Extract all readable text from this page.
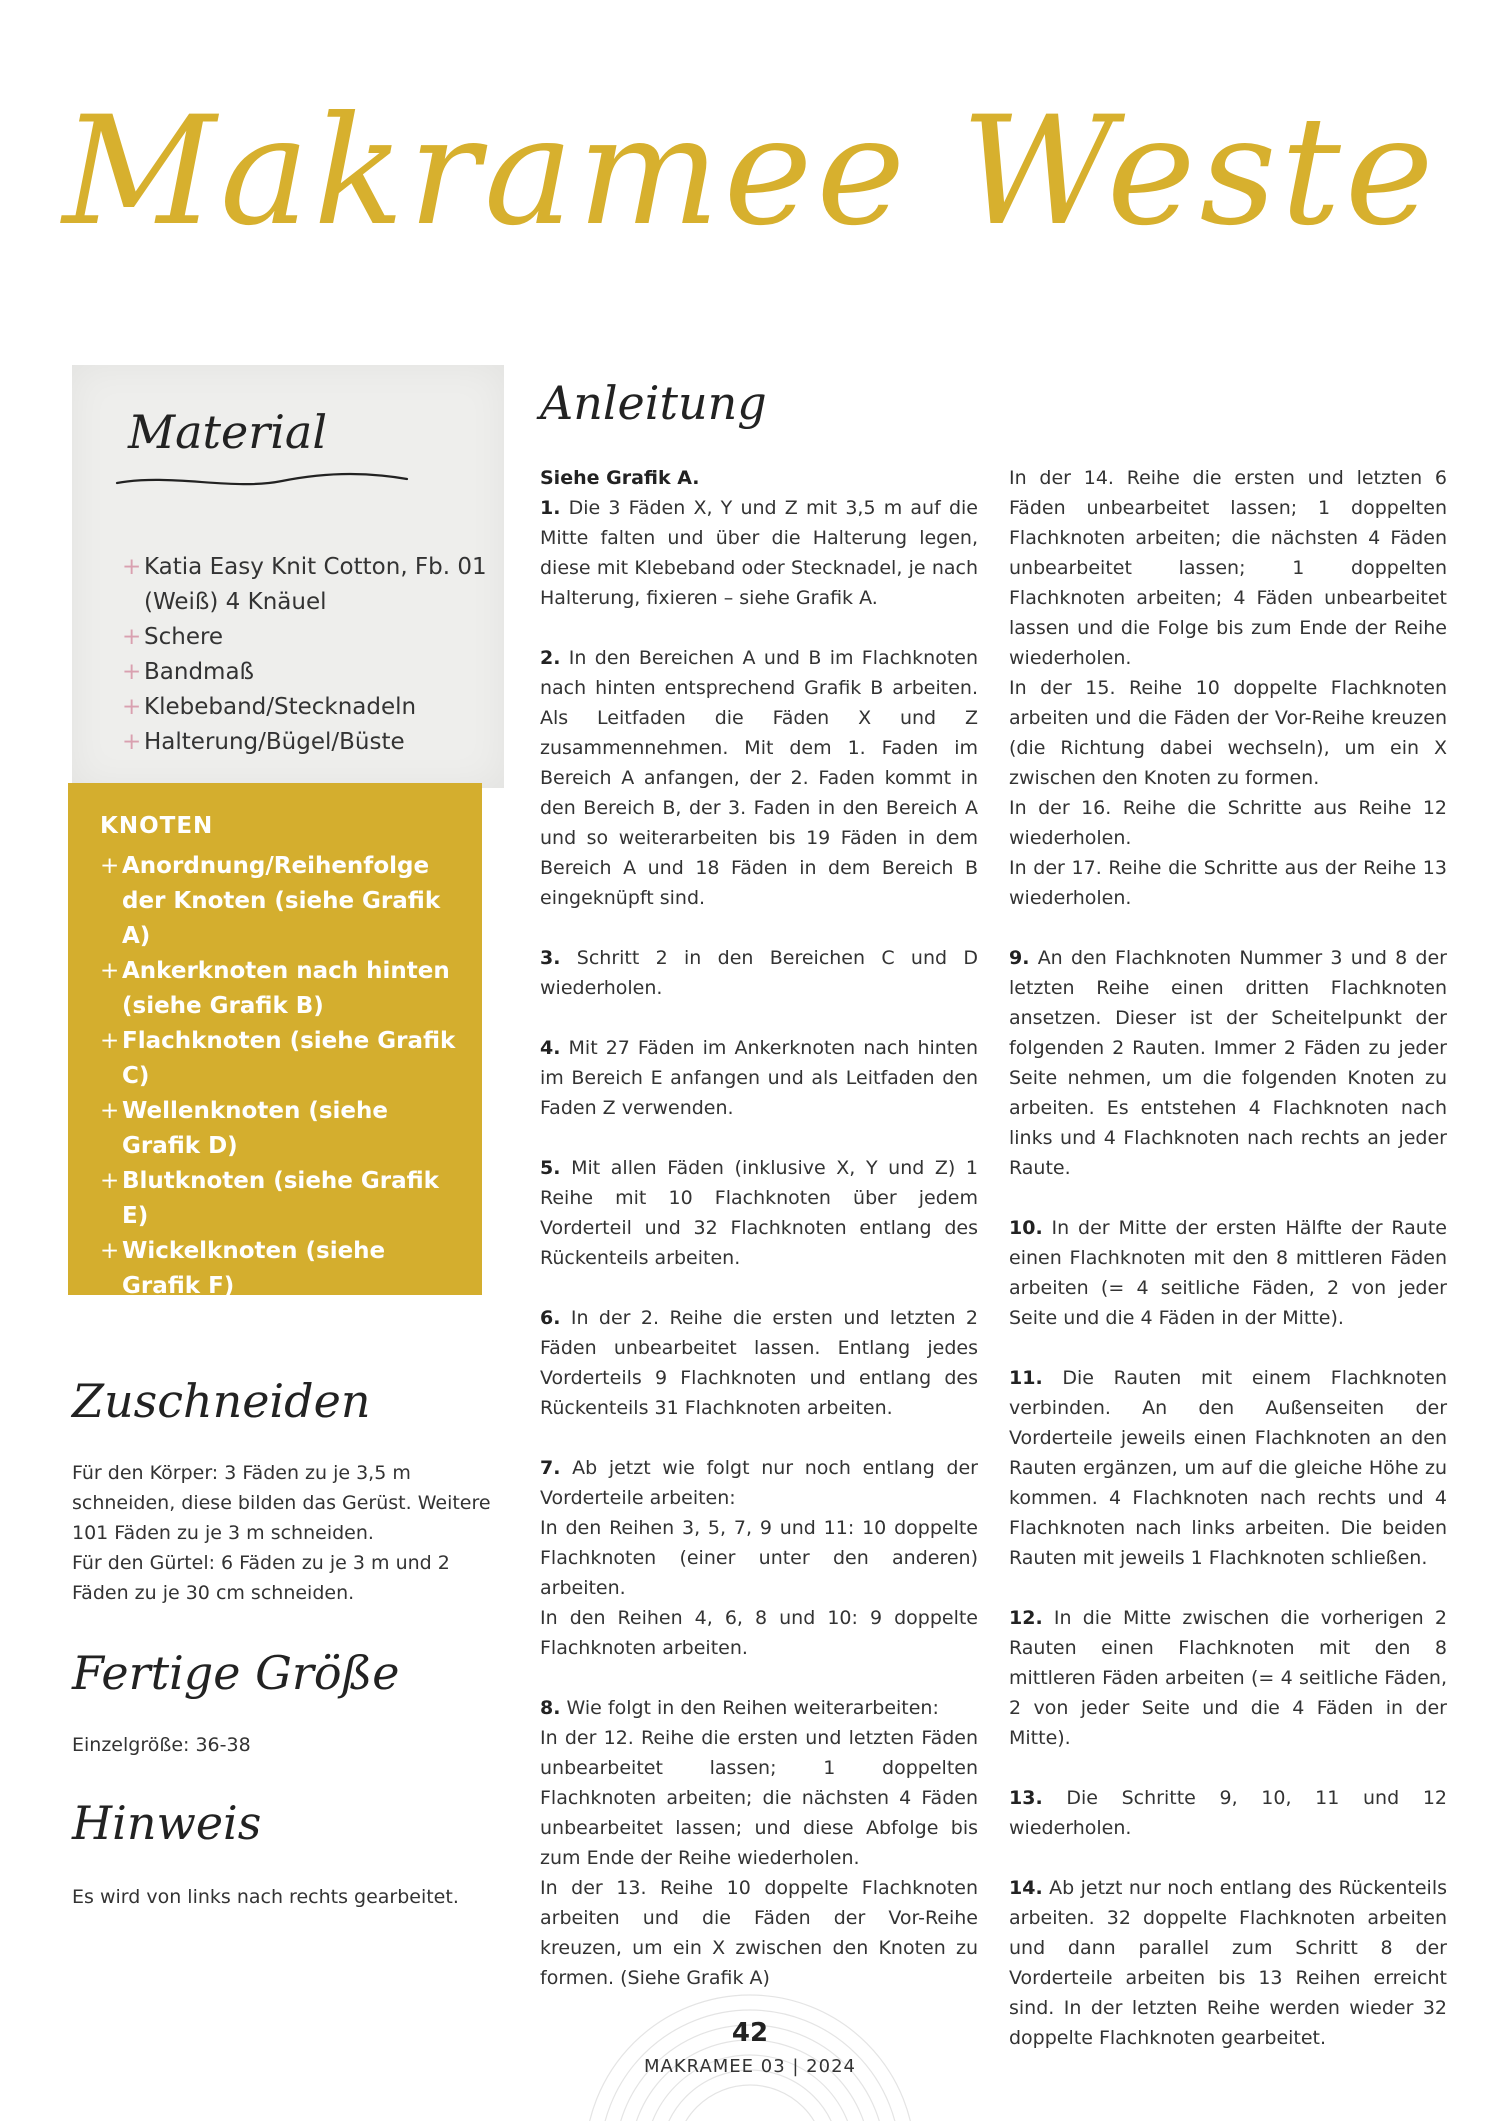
Makramee Weste
Material
+ Katia Easy Knit Cotton, Fb. 01 (Weiß) 4 Knäuel
+ Schere
+ Bandmaß
+ Klebeband/Stecknadeln
+ Halterung/Bügel/Büste
KNOTEN
+ Anordnung/Reihenfolge der Knoten (siehe Grafik A)
+ Ankerknoten nach hinten (siehe Grafik B)
+ Flachknoten (siehe Grafik C)
+ Wellenknoten (siehe Grafik D)
+ Blutknoten (siehe Grafik E)
+ Wickelknoten (siehe Grafik F)
+ Flachknoten (siehe Grafik G)
Zuschneiden

Für den Körper: 3 Fäden zu je 3,5 m schneiden, diese bilden das Gerüst. Weitere 101 Fäden zu je 3 m schneiden.

Für den Gürtel: 6 Fäden zu je 3 m und 2 Fäden zu je 30 cm schneiden.

Fertige Größe
Einzelgröße: 36-38
Hinweis
Es wird von links nach rechts gearbeitet.
Anleitung

Siehe Grafik A.

1. Die 3 Fäden X, Y und Z mit 3,5 m auf die Mitte falten und über die Halterung legen, diese mit Klebeband oder Stecknadel, je nach Halterung, fixieren – siehe Grafik A.

2. In den Bereichen A und B im Flachknoten nach hinten entsprechend Grafik B arbeiten. Als Leitfaden die Fäden X und Z zusammennehmen. Mit dem 1. Faden im Bereich A anfangen, der 2. Faden kommt in den Bereich B, der 3. Faden in den Bereich A und so weiterarbeiten bis 19 Fäden in dem Bereich A und 18 Fäden in dem Bereich B eingeknüpft sind.

3. Schritt 2 in den Bereichen C und D wiederholen.

4. Mit 27 Fäden im Ankerknoten nach hinten im Bereich E anfangen und als Leitfaden den Faden Z verwenden.

5. Mit allen Fäden (inklusive X, Y und Z) 1 Reihe mit 10 Flachknoten über jedem Vorderteil und 32 Flachknoten entlang des Rückenteils arbeiten.

6. In der 2. Reihe die ersten und letzten 2 Fäden unbearbeitet lassen. Entlang jedes Vorderteils 9 Flachknoten und entlang des Rückenteils 31 Flachknoten arbeiten.

7. Ab jetzt wie folgt nur noch entlang der Vorderteile arbeiten:
In den Reihen 3, 5, 7, 9 und 11: 10 doppelte Flachknoten (einer unter den anderen) arbeiten.
In den Reihen 4, 6, 8 und 10: 9 doppelte Flachknoten arbeiten.

8. Wie folgt in den Reihen weiterarbeiten:
In der 12. Reihe die ersten und letzten Fäden unbearbeitet lassen; 1 doppelten Flachknoten arbeiten; die nächsten 4 Fäden unbearbeitet lassen; und diese Abfolge bis zum Ende der Reihe wiederholen.
In der 13. Reihe 10 doppelte Flachknoten arbeiten und die Fäden der Vor-Reihe kreuzen, um ein X zwischen den Knoten zu formen. (Siehe Grafik A)

In der 14. Reihe die ersten und letzten 6 Fäden unbearbeitet lassen; 1 doppelten Flachknoten arbeiten; die nächsten 4 Fäden unbearbeitet lassen; 1 doppelten Flachknoten arbeiten; 4 Fäden unbearbeitet lassen und die Folge bis zum Ende der Reihe wiederholen.
In der 15. Reihe 10 doppelte Flachknoten arbeiten und die Fäden der Vor-Reihe kreuzen (die Richtung dabei wechseln), um ein X zwischen den Knoten zu formen.
In der 16. Reihe die Schritte aus Reihe 12 wiederholen.
In der 17. Reihe die Schritte aus der Reihe 13 wiederholen.

9. An den Flachknoten Nummer 3 und 8 der letzten Reihe einen dritten Flachknoten ansetzen. Dieser ist der Scheitelpunkt der folgenden 2 Rauten. Immer 2 Fäden zu jeder Seite nehmen, um die folgenden Knoten zu arbeiten. Es entstehen 4 Flachknoten nach links und 4 Flachknoten nach rechts an jeder Raute.

10. In der Mitte der ersten Hälfte der Raute einen Flachknoten mit den 8 mittleren Fäden arbeiten (= 4 seitliche Fäden, 2 von jeder Seite und die 4 Fäden in der Mitte).

11. Die Rauten mit einem Flachknoten verbinden. An den Außenseiten der Vorderteile jeweils einen Flachknoten an den Rauten ergänzen, um auf die gleiche Höhe zu kommen. 4 Flachknoten nach rechts und 4 Flachknoten nach links arbeiten. Die beiden Rauten mit jeweils 1 Flachknoten schließen.

12. In die Mitte zwischen die vorherigen 2 Rauten einen Flachknoten mit den 8 mittleren Fäden arbeiten (= 4 seitliche Fäden, 2 von jeder Seite und die 4 Fäden in der Mitte).

13. Die Schritte 9, 10, 11 und 12 wiederholen.

14. Ab jetzt nur noch entlang des Rückenteils arbeiten. 32 doppelte Flachknoten arbeiten und dann parallel zum Schritt 8 der Vorderteile arbeiten bis 13 Reihen erreicht sind. In der letzten Reihe werden wieder 32 doppelte Flachknoten gearbeitet.

42
MAKRAMEE 03 | 2024
